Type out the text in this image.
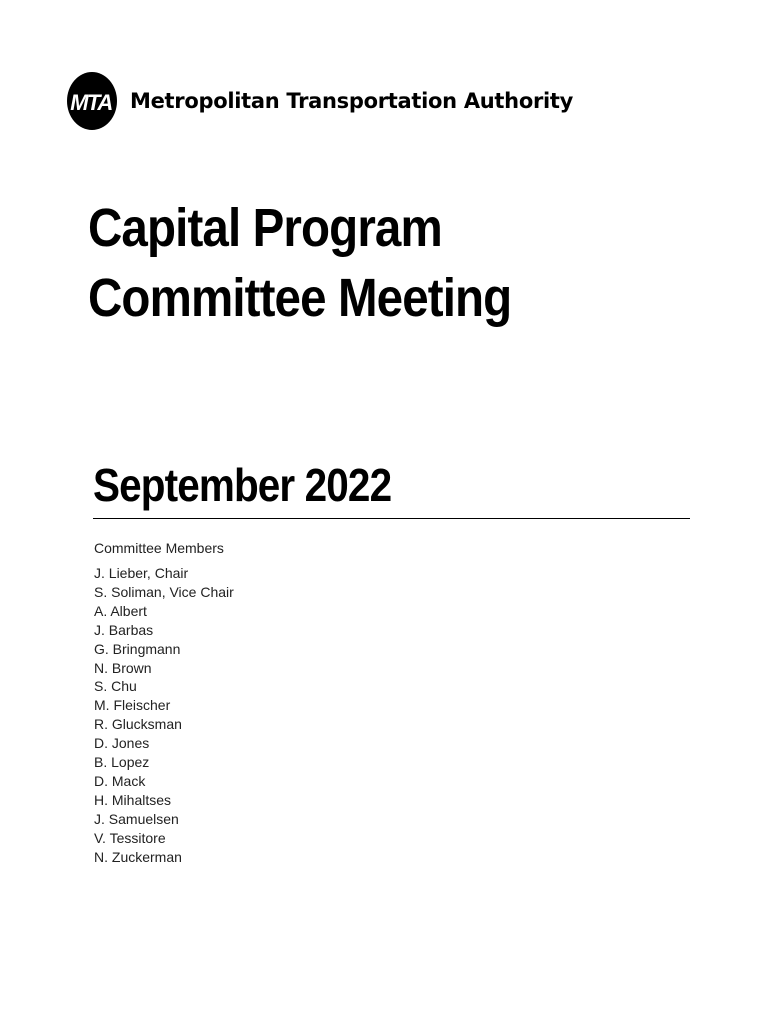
MTA Metropolitan Transportation Authority
Capital Program
Committee Meeting
September 2022
Committee Members
J. Lieber, Chair
S. Soliman, Vice Chair
A. Albert
J. Barbas
G. Bringmann
N. Brown
S. Chu
M. Fleischer
R. Glucksman
D. Jones
B. Lopez
D. Mack
H. Mihaltses
J. Samuelsen
V. Tessitore
N. Zuckerman
